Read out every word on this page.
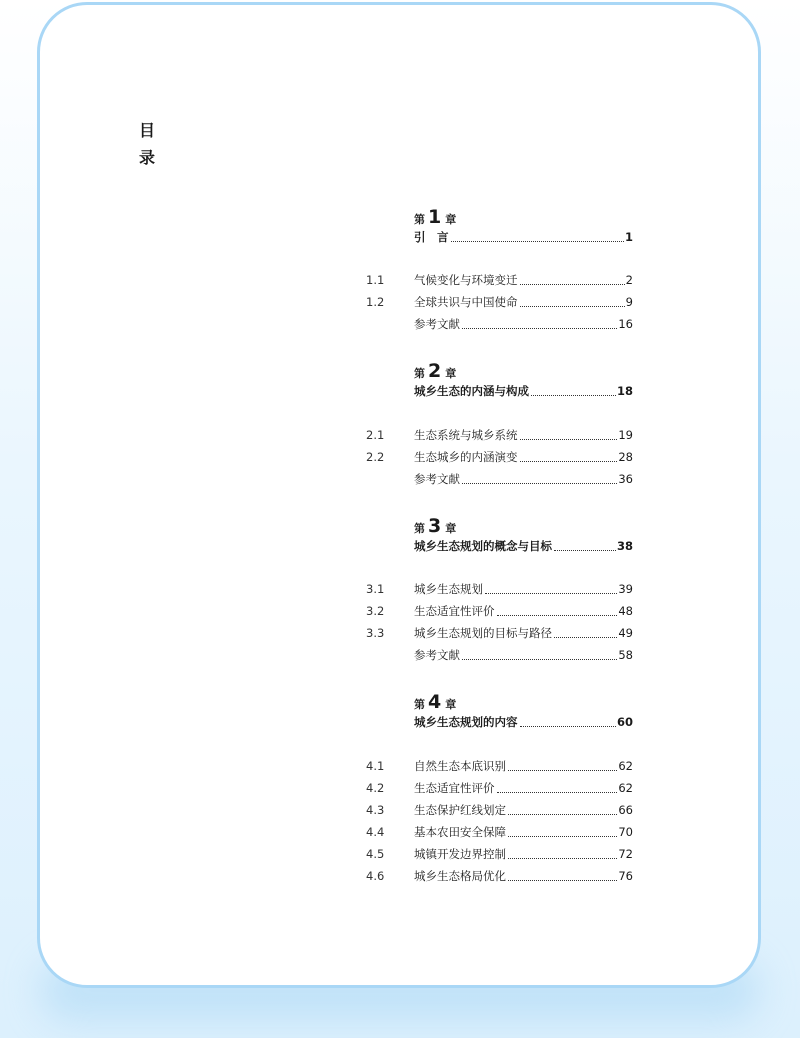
目
录
第 1 章
引　言	1
1.1	气候变化与环境变迁	2
1.2	全球共识与中国使命	9
参考文献	16
第 2 章
城乡生态的内涵与构成	18
2.1	生态系统与城乡系统	19
2.2	生态城乡的内涵演变	28
参考文献	36
第 3 章
城乡生态规划的概念与目标	38
3.1	城乡生态规划	39
3.2	生态适宜性评价	48
3.3	城乡生态规划的目标与路径	49
参考文献	58
第 4 章
城乡生态规划的内容	60
4.1	自然生态本底识别	62
4.2	生态适宜性评价	62
4.3	生态保护红线划定	66
4.4	基本农田安全保障	70
4.5	城镇开发边界控制	72
4.6	城乡生态格局优化	76
